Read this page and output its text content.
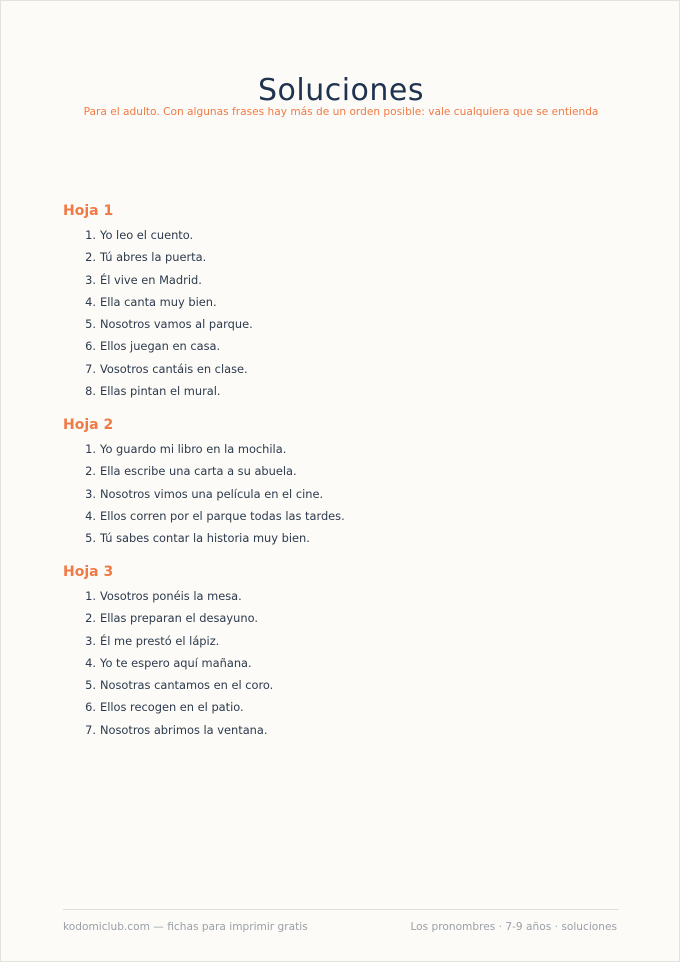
Soluciones
Para el adulto. Con algunas frases hay más de un orden posible: vale cualquiera que se entienda
Hoja 1
1. Yo leo el cuento.
2. Tú abres la puerta.
3. Él vive en Madrid.
4. Ella canta muy bien.
5. Nosotros vamos al parque.
6. Ellos juegan en casa.
7. Vosotros cantáis en clase.
8. Ellas pintan el mural.
Hoja 2
1. Yo guardo mi libro en la mochila.
2. Ella escribe una carta a su abuela.
3. Nosotros vimos una película en el cine.
4. Ellos corren por el parque todas las tardes.
5. Tú sabes contar la historia muy bien.
Hoja 3
1. Vosotros ponéis la mesa.
2. Ellas preparan el desayuno.
3. Él me prestó el lápiz.
4. Yo te espero aquí mañana.
5. Nosotras cantamos en el coro.
6. Ellos recogen en el patio.
7. Nosotros abrimos la ventana.
kodomiclub.com — fichas para imprimir gratis	Los pronombres · 7-9 años · soluciones
